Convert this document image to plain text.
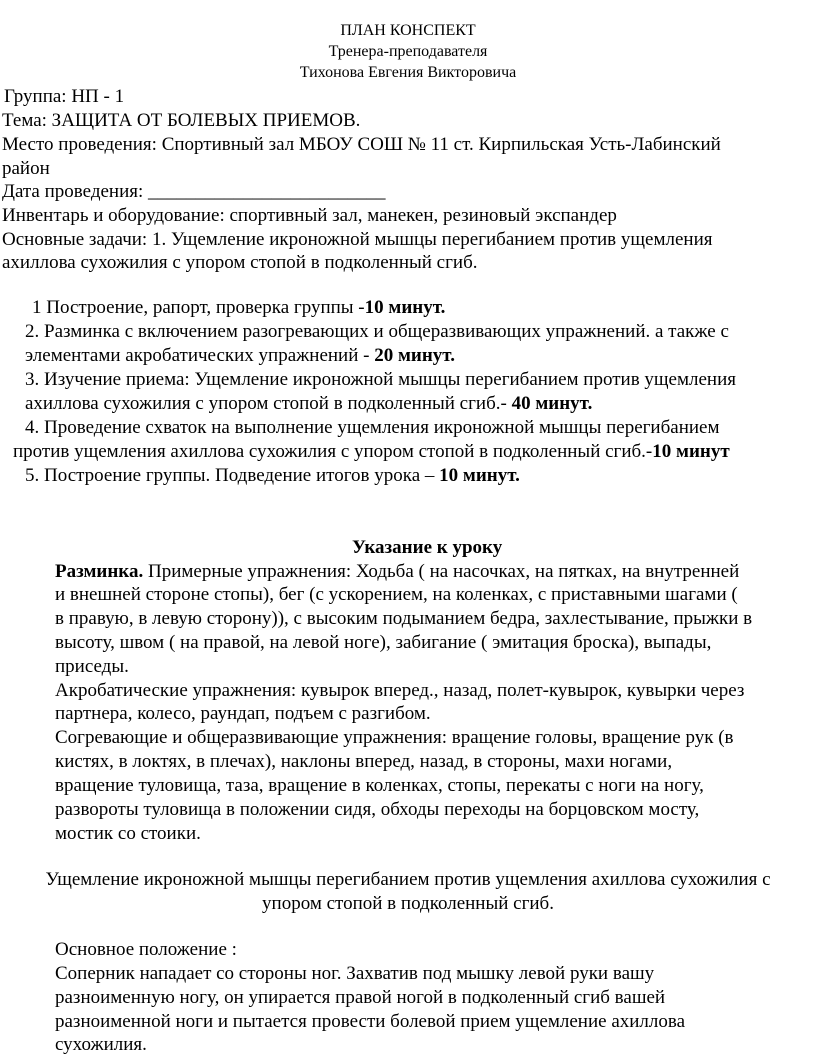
ПЛАН КОНСПЕКТ
Тренера-преподавателя
Тихонова Евгения Викторовича
Группа: НП - 1
Тема: ЗАЩИТА ОТ БОЛЕВЫХ ПРИЕМОВ.
Место проведения: Спортивный зал МБОУ СОШ № 11 ст. Кирпильская Усть-Лабинский
район
Дата проведения: _________________________
Инвентарь и оборудование: спортивный зал, манекен, резиновый экспандер
Основные задачи: 1. Ущемление икроножной мышцы перегибанием против ущемления
ахиллова сухожилия с упором стопой в подколенный сгиб.
1 Построение, рапорт, проверка группы -10 минут.
2. Разминка с включением разогревающих и общеразвивающих упражнений. а также с
элементами акробатических упражнений - 20 минут.
3. Изучение приема: Ущемление икроножной мышцы перегибанием против ущемления
ахиллова сухожилия с упором стопой в подколенный сгиб.- 40 минут.
4. Проведение схваток на выполнение ущемления икроножной мышцы перегибанием
против ущемления ахиллова сухожилия с упором стопой в подколенный сгиб.-10 минут
5. Построение группы. Подведение итогов урока – 10 минут.
Указание к уроку
Разминка. Примерные упражнения: Ходьба ( на насочках, на пятках, на внутренней
и внешней стороне стопы), бег (с ускорением, на коленках, с приставными шагами (
в правую, в левую сторону)), с высоким подыманием бедра, захлестывание, прыжки в
высоту, швом ( на правой, на левой ноге), забигание ( эмитация броска), выпады,
приседы.
Акробатические упражнения: кувырок вперед., назад, полет-кувырок, кувырки через
партнера, колесо, раундап, подъем с разгибом.
Согревающие и общеразвивающие упражнения: вращение головы, вращение рук (в
кистях, в локтях, в плечах), наклоны вперед, назад, в стороны, махи ногами,
вращение туловища, таза, вращение в коленках, стопы, перекаты с ноги на ногу,
развороты туловища в положении сидя, обходы переходы на борцовском мосту,
мостик со стоики.
Ущемление икроножной мышцы перегибанием против ущемления ахиллова сухожилия с
упором стопой в подколенный сгиб.
Основное положение :
Соперник нападает со стороны ног. Захватив под мышку левой руки вашу
разноименную ногу, он упирается правой ногой в подколенный сгиб вашей
разноименной ноги и пытается провести болевой прием ущемление ахиллова
сухожилия.
